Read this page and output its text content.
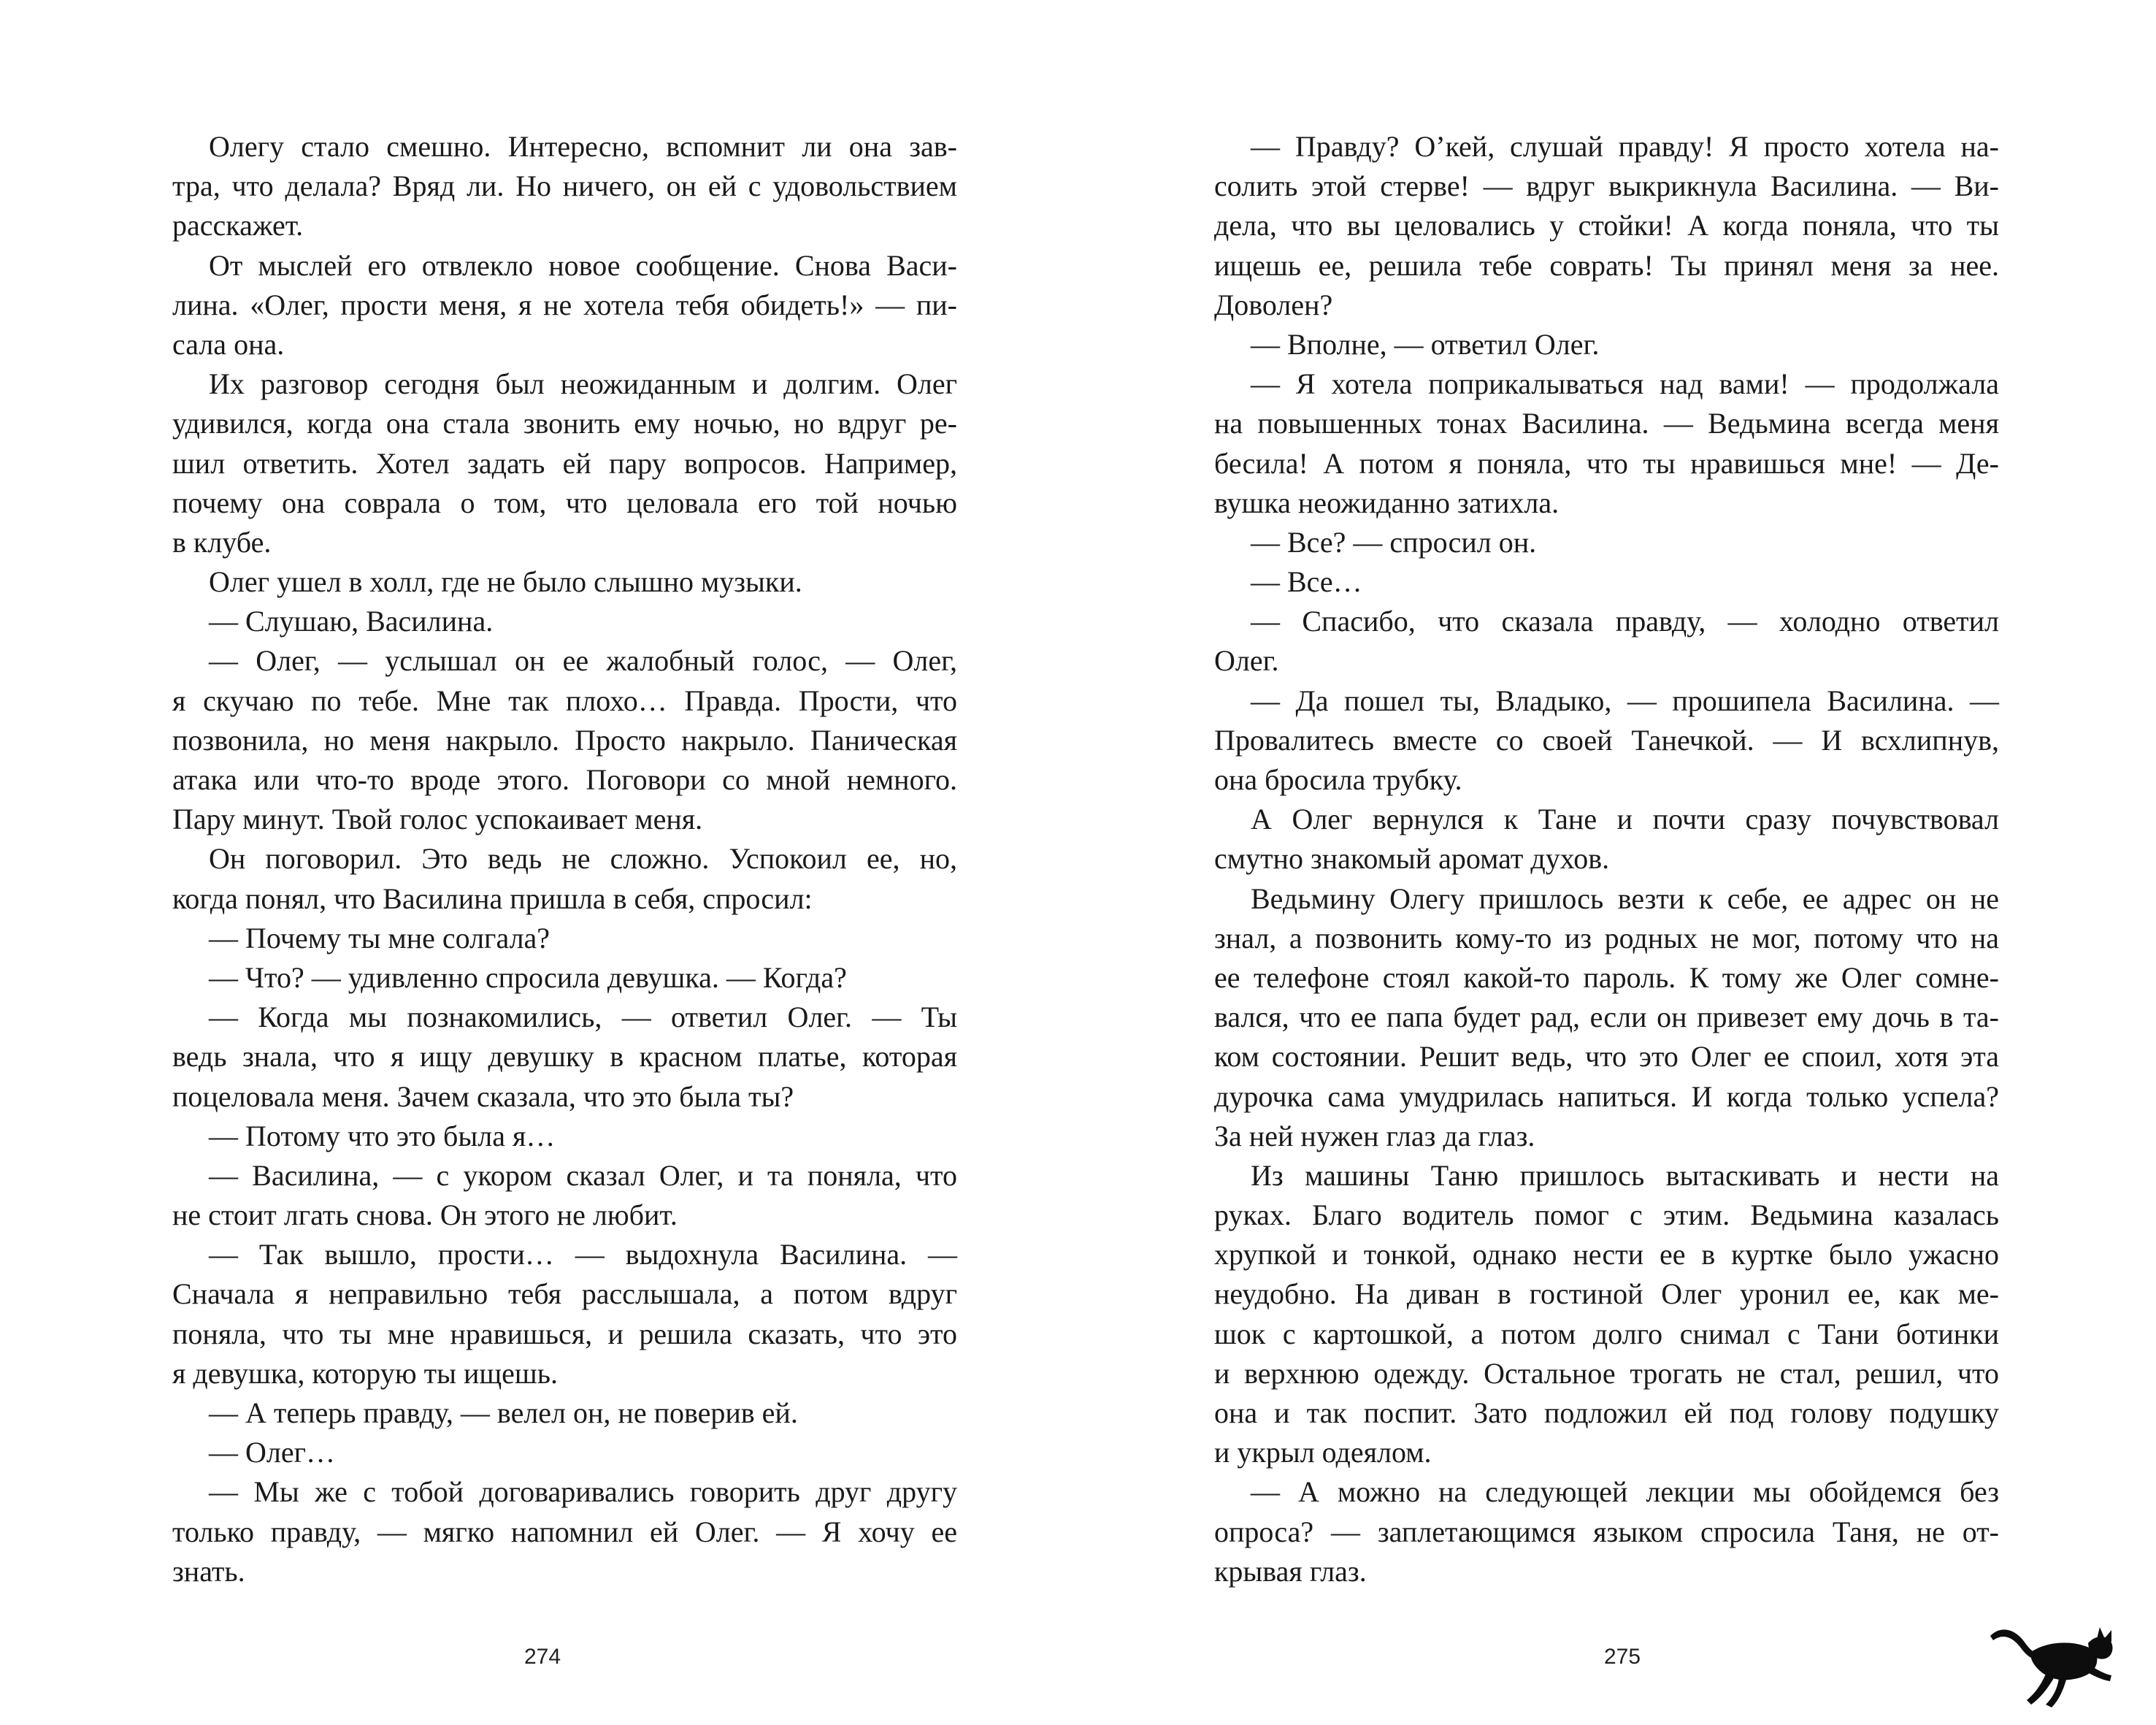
Олегу стало смешно. Интересно, вспомнит ли она зав-
тра, что делала? Вряд ли. Но ничего, он ей с удовольствием
расскажет.
От мыслей его отвлекло новое сообщение. Снова Васи-
лина. «Олег, прости меня, я не хотела тебя обидеть!» — пи-
сала она.
Их разговор сегодня был неожиданным и долгим. Олег
удивился, когда она стала звонить ему ночью, но вдруг ре-
шил ответить. Хотел задать ей пару вопросов. Например,
почему она соврала о том, что целовала его той ночью
в клубе.
Олег ушел в холл, где не было слышно музыки.
— Слушаю, Василина.
— Олег, — услышал он ее жалобный голос, — Олег,
я скучаю по тебе. Мне так плохо… Правда. Прости, что
позвонила, но меня накрыло. Просто накрыло. Паническая
атака или что-то вроде этого. Поговори со мной немного.
Пару минут. Твой голос успокаивает меня.
Он поговорил. Это ведь не сложно. Успокоил ее, но,
когда понял, что Василина пришла в себя, спросил:
— Почему ты мне солгала?
— Что? — удивленно спросила девушка. — Когда?
— Когда мы познакомились, — ответил Олег. — Ты
ведь знала, что я ищу девушку в красном платье, которая
поцеловала меня. Зачем сказала, что это была ты?
— Потому что это была я…
— Василина, — с укором сказал Олег, и та поняла, что
не стоит лгать снова. Он этого не любит.
— Так вышло, прости… — выдохнула Василина. —
Сначала я неправильно тебя расслышала, а потом вдруг
поняла, что ты мне нравишься, и решила сказать, что это
я девушка, которую ты ищешь.
— А теперь правду, — велел он, не поверив ей.
— Олег…
— Мы же с тобой договаривались говорить друг другу
только правду, — мягко напомнил ей Олег. — Я хочу ее
знать.
274
— Правду? О’кей, слушай правду! Я просто хотела на-
солить этой стерве! — вдруг выкрикнула Василина. — Ви-
дела, что вы целовались у стойки! А когда поняла, что ты
ищешь ее, решила тебе соврать! Ты принял меня за нее.
Доволен?
— Вполне, — ответил Олег.
— Я хотела поприкалываться над вами! — продолжала
на повышенных тонах Василина. — Ведьмина всегда меня
бесила! А потом я поняла, что ты нравишься мне! — Де-
вушка неожиданно затихла.
— Все? — спросил он.
— Все…
— Спасибо, что сказала правду, — холодно ответил
Олег.
— Да пошел ты, Владыко, — прошипела Василина. —
Провалитесь вместе со своей Танечкой. — И всхлипнув,
она бросила трубку.
А Олег вернулся к Тане и почти сразу почувствовал
смутно знакомый аромат духов.
Ведьмину Олегу пришлось везти к себе, ее адрес он не
знал, а позвонить кому-то из родных не мог, потому что на
ее телефоне стоял какой-то пароль. К тому же Олег сомне-
вался, что ее папа будет рад, если он привезет ему дочь в та-
ком состоянии. Решит ведь, что это Олег ее споил, хотя эта
дурочка сама умудрилась напиться. И когда только успела?
За ней нужен глаз да глаз.
Из машины Таню пришлось вытаскивать и нести на
руках. Благо водитель помог с этим. Ведьмина казалась
хрупкой и тонкой, однако нести ее в куртке было ужасно
неудобно. На диван в гостиной Олег уронил ее, как ме-
шок с картошкой, а потом долго снимал с Тани ботинки
и верхнюю одежду. Остальное трогать не стал, решил, что
она и так поспит. Зато подложил ей под голову подушку
и укрыл одеялом.
— А можно на следующей лекции мы обойдемся без
опроса? — заплетающимся языком спросила Таня, не от-
крывая глаз.
275
